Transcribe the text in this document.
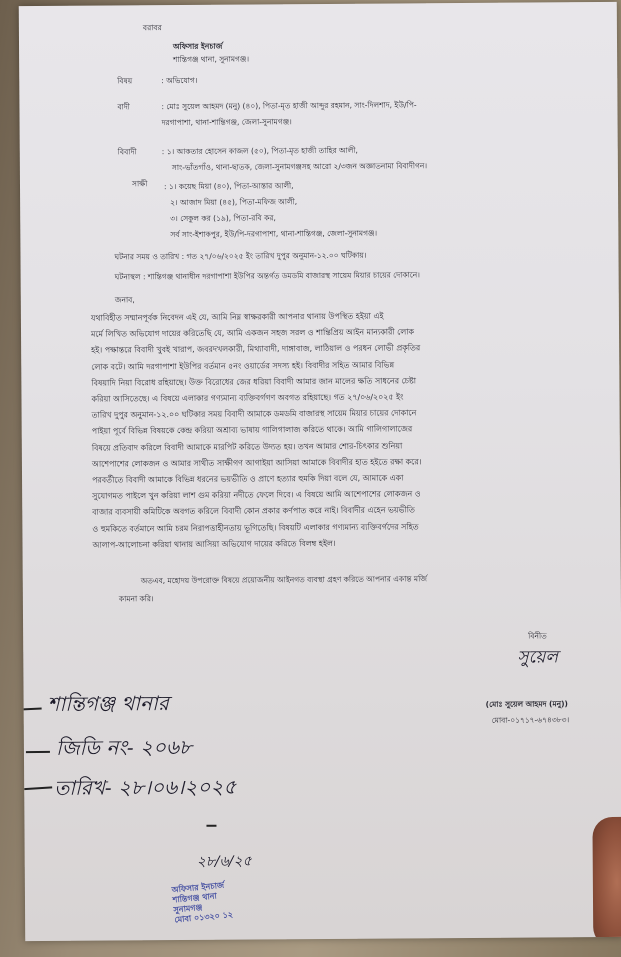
বরাবর
অফিসার ইনচার্জ
শান্তিগঞ্জ থানা, সুনামগঞ্জ।
বিষয়	: অভিযোগ।
বাদী	: মোঃ সুয়েল আহমদ (মনু) (৪০), পিতা-মৃত হাজী আব্দুর রহমান, সাং-দিলশাদ, ইউ/পি-
দরগাপাশা, থানা-শান্তিগঞ্জ, জেলা-সুনামগঞ্জ।
বিবাদী	: ১। আকতার হোসেন কাজল (৫০), পিতা-মৃত হাজী তাহির আলী,
সাং-ভাঁতগাঁও, থানা-ছাতক, জেলা-সুনামগঞ্জসহ আরো ২/৩জন অজ্ঞাতনামা বিবাদীগন।
সাক্ষী : ১। কয়েছ মিয়া (৪০), পিতা-আস্তার আলী,
২। আজাদ মিয়া (৪৫), পিতা-মফিজ আলী,
৩। সেকুল কর (১৯), পিতা-রবি কর,
সর্ব সাং-ইশাকপুর, ইউ/পি-দরগাপাশা, থানা-শান্তিগঞ্জ, জেলা-সুনামগঞ্জ।
ঘটনার সময় ও তারিখ : গত ২৭/০৬/২০২৫ ইং তারিখ দুপুর অনুমান-১২.০০ ঘটিকায়।
ঘটনাস্থল : শান্তিগঞ্জ থানাধীন দরগাপাশা ইউপির অন্তর্গত ডমডমি বাজারস্থ সায়েম মিয়ার চায়ের দোকানে।
জনাব,
যথাবিহীত সম্মানপূর্বক নিবেদন এই যে, আমি নিম্ন স্বাক্ষরকারী আপনার থানায় উপস্থিত হইয়া এই
মর্মে লিখিত অভিযোগ দায়ের করিতেছি যে, আমি একজন সহজ সরল ও শান্তিপ্রিয় আইন মান্যকারী লোক
হই। পক্ষান্তরে বিবাদী খুবই খারাপ, জবরদখলকারী, মিথ্যাবাদী, দাঙ্গাবাজ, লাঠিয়াল ও পরধন লোভী প্রকৃতির
লোক বটে। আমি দরগাপাশা ইউপির বর্তমান ৫নং ওয়ার্ডের সদস্য হই। বিবাদীর সহিত আমার বিভিন্ন
বিষয়াদি নিয়া বিরোধ রহিয়াছে। উক্ত বিরোধের জের ধরিয়া বিবাদী আমার জান মালের ক্ষতি সাধনের চেষ্টা
করিয়া আসিতেছে। এ বিষয়ে এলাকার গণ্যমান্য ব্যক্তিবর্গগণ অবগত রহিয়াছে। গত ২৭/০৬/২০২৫ ইং
তারিখ দুপুর অনুমান-১২.০০ ঘটিকার সময় বিবাদী আমাকে ডমডমি বাজারস্থ সায়েম মিয়ার চায়ের দোকানে
পাইয়া পূর্বে বিভিন্ন বিষয়কে কেন্দ্র করিয়া অশ্রাব্য ভাষায় গালিগালাজ করিতে থাকে। আমি গালিগালাজের
বিষয়ে প্রতিবাদ করিলে বিবাদী আমাকে মারপিট করিতে উদ্যত হয়। তখন আমার শোর-চিৎকার শুনিয়া
আশেপাশের লোকজন ও আমার সাথীত সাক্ষীগণ আগাইয়া আসিয়া আমাকে বিবাদীর হাত হইতে রক্ষা করে।
পরবর্তীতে বিবাদী আমাকে বিভিন্ন ধরনের ভয়ভীতি ও প্রাণে হত্যার হুমকি দিয়া বলে যে, আমাকে একা
সুযোগমত পাইলে খুন করিয়া লাশ গুম করিয়া নদীতে ফেলে দিবে। এ বিষয়ে আমি আশেপাশের লোকজন ও
বাজার ব্যবসায়ী কমিটিকে অবগত করিলে বিবাদী কোন প্রকার কর্ণপাত করে নাই। বিবাদীর এহেন ভয়ভীতি
ও হুমকিতে বর্তমানে আমি চরম নিরাপত্তাহীনতায় ভূগিতেছি। বিষয়টি এলাকার গণ্যমান্য ব্যক্তিবর্গদের সহিত
আলাপ-আলোচনা করিয়া থানায় আসিয়া অভিযোগ দায়ের করিতে বিলম্ব হইল।
অতএব, মহোদয় উপরোক্ত বিষয়ে প্রয়োজনীয় আইনগত ব্যবস্থা গ্রহণ করিতে আপনার একান্ত মর্জি
কামনা করি।
বিনীত
সুয়েল
(মোঃ সুয়েল আহমদ (মনু))
মোবা-০১৭১৭-৬৭৪৩৮৩।
শান্তিগঞ্জ থানার
জিডি নং- ২০৬৮
তারিখ- ২৮।০৬।২০২৫
২৮/৬/২৫
অফিসার ইনচার্জ
শান্তিগঞ্জ থানা
সুনামগঞ্জ
মোবা ০১৩২০ ১২
